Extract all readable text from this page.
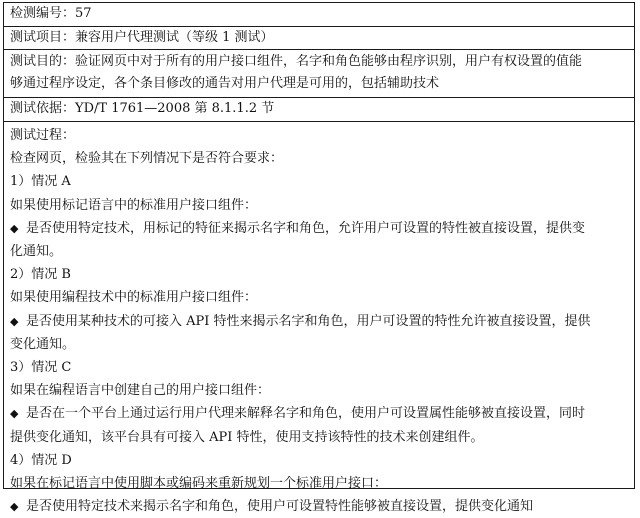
检测编号：57
测试项目：兼容用户代理测试（等级 1 测试）
测试目的：验证网页中对于所有的用户接口组件，名字和角色能够由程序识别，用户有权设置的值能
够通过程序设定，各个条目修改的通告对用户代理是可用的，包括辅助技术
测试依据：YD/T 1761—2008 第 8.1.1.2 节
测试过程：
检查网页，检验其在下列情况下是否符合要求：
1）情况 A
如果使用标记语言中的标准用户接口组件：
◆ 是否使用特定技术，用标记的特征来揭示名字和角色，允许用户可设置的特性被直接设置，提供变
化通知。
2）情况 B
如果使用编程技术中的标准用户接口组件：
◆ 是否使用某种技术的可接入 API 特性来揭示名字和角色，用户可设置的特性允许被直接设置，提供
变化通知。
3）情况 C
如果在编程语言中创建自己的用户接口组件：
◆ 是否在一个平台上通过运行用户代理来解释名字和角色，使用户可设置属性能够被直接设置，同时
提供变化通知，该平台具有可接入 API 特性，使用支持该特性的技术来创建组件。
4）情况 D
如果在标记语言中使用脚本或编码来重新规划一个标准用户接口：
◆ 是否使用特定技术来揭示名字和角色，使用户可设置特性能够被直接设置，提供变化通知
